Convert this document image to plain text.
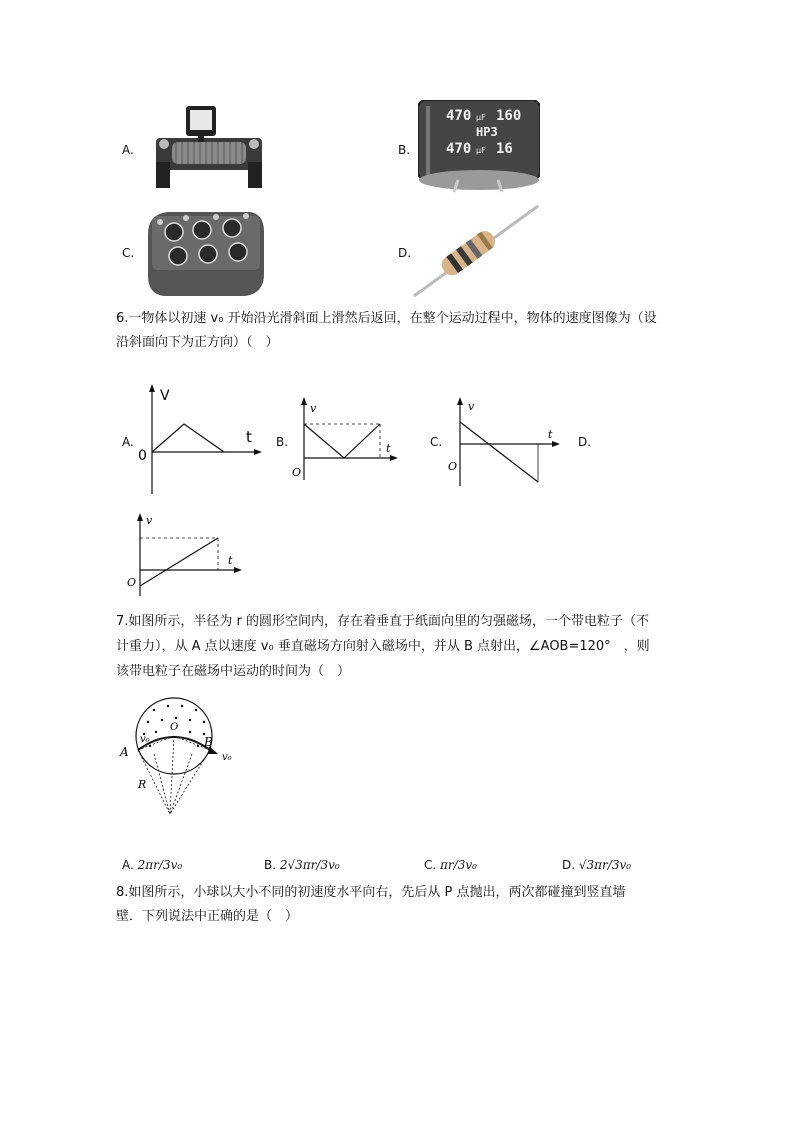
A.	B.
470 μF 160
HP3
470 μF 16
C.	D.
6.一物体以初速 v₀ 开始沿光滑斜面上滑然后返回，在整个运动过程中，物体的速度图像为（设
沿斜面向下为正方向）（　）
A.
V
t
0
B.
v
t
O
C.
v
t
O
D.
v
t
O
7.如图所示，半径为 r 的圆形空间内，存在着垂直于纸面向里的匀强磁场，一个带电粒子（不
计重力），从 A 点以速度 v₀ 垂直磁场方向射入磁场中，并从 B 点射出，∠AOB=120°　，则
该带电粒子在磁场中运动的时间为（　）
O
A
B
v₀
v₀
R
A. 2πr/3v₀	B. 2√3πr/3v₀	C. πr/3v₀	D. √3πr/3v₀
8.如图所示，小球以大小不同的初速度水平向右，先后从 P 点抛出，两次都碰撞到竖直墙
壁．下列说法中正确的是（　）
